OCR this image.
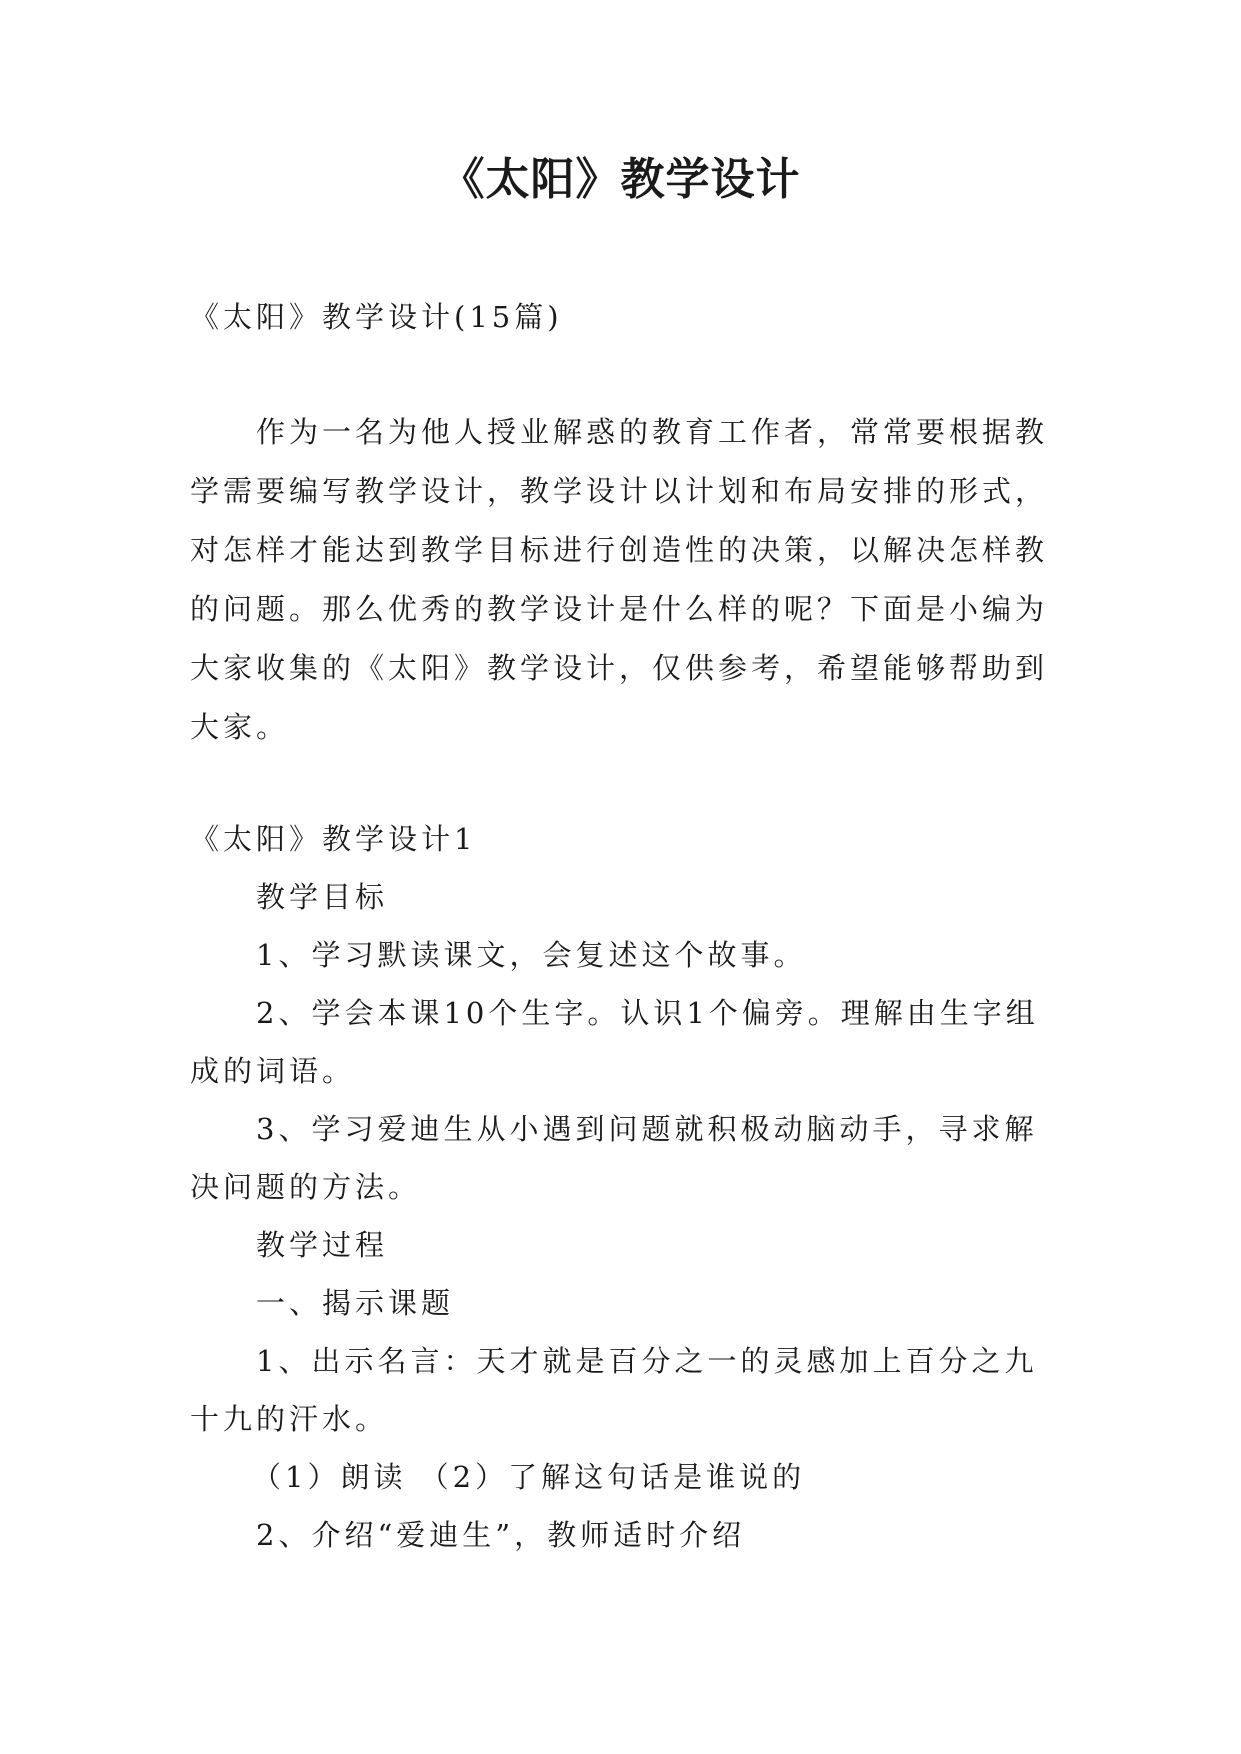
《太阳》教学设计
《太阳》教学设计(15篇)

作为一名为他人授业解惑的教育工作者，常常要根据教学需要编写教学设计，教学设计以计划和布局安排的形式，对怎样才能达到教学目标进行创造性的决策，以解决怎样教的问题。那么优秀的教学设计是什么样的呢？下面是小编为大家收集的《太阳》教学设计，仅供参考，希望能够帮助到大家。

《太阳》教学设计1

教学目标

1、学习默读课文，会复述这个故事。

2、学会本课10个生字。认识1个偏旁。理解由生字组成的词语。

3、学习爱迪生从小遇到问题就积极动脑动手，寻求解决问题的方法。

教学过程

一、揭示课题

1、出示名言：天才就是百分之一的灵感加上百分之九十九的汗水。

（1）朗读 （2）了解这句话是谁说的

2、介绍“爱迪生”，教师适时介绍
